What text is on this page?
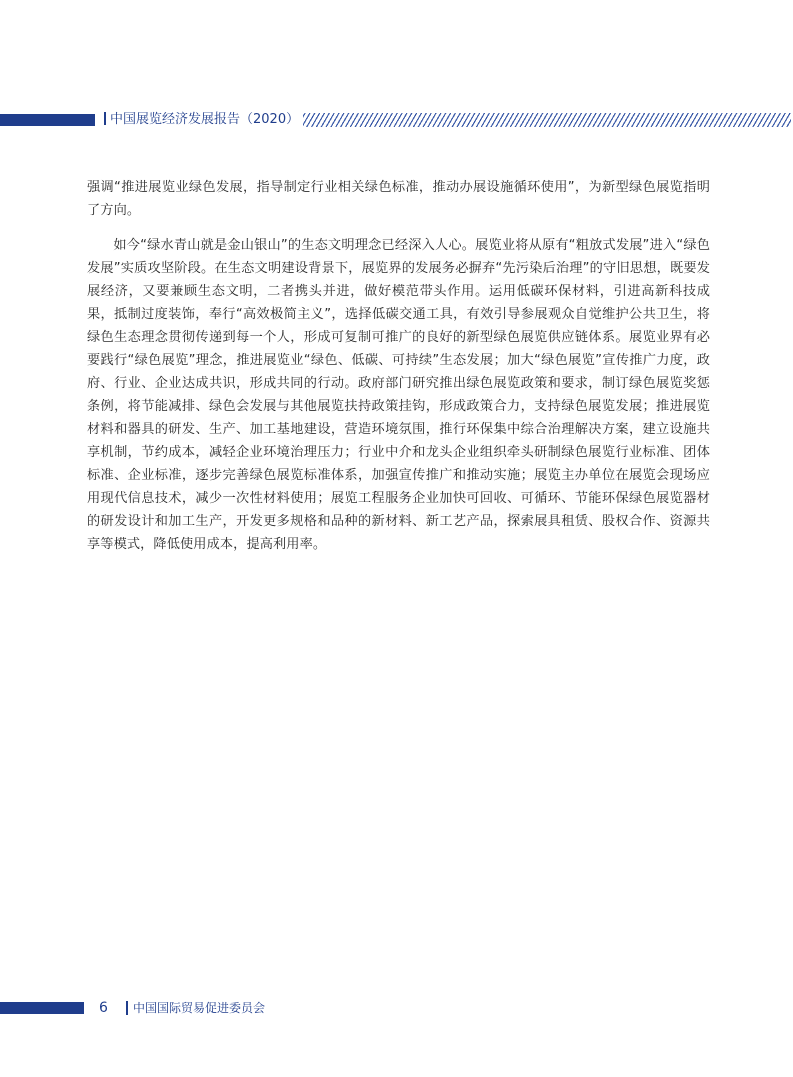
中国展览经济发展报告（2020）

强调“推进展览业绿色发展，指导制定行业相关绿色标准，推动办展设施循环使用”，为新型绿色展览指明了方向。

如今“绿水青山就是金山银山”的生态文明理念已经深入人心。展览业将从原有“粗放式发展”进入“绿色发展”实质攻坚阶段。在生态文明建设背景下，展览界的发展务必摒弃“先污染后治理”的守旧思想，既要发展经济，又要兼顾生态文明，二者携头并进，做好模范带头作用。运用低碳环保材料，引进高新科技成果，抵制过度装饰，奉行“高效极简主义”，选择低碳交通工具，有效引导参展观众自觉维护公共卫生，将绿色生态理念贯彻传递到每一个人，形成可复制可推广的良好的新型绿色展览供应链体系。展览业界有必要践行“绿色展览”理念，推进展览业“绿色、低碳、可持续”生态发展；加大“绿色展览”宣传推广力度，政府、行业、企业达成共识，形成共同的行动。政府部门研究推出绿色展览政策和要求，制订绿色展览奖惩条例，将节能减排、绿色会发展与其他展览扶持政策挂钩，形成政策合力，支持绿色展览发展；推进展览材料和器具的研发、生产、加工基地建设，营造环境氛围，推行环保集中综合治理解决方案，建立设施共享机制，节约成本，减轻企业环境治理压力；行业中介和龙头企业组织牵头研制绿色展览行业标准、团体标准、企业标准，逐步完善绿色展览标准体系，加强宣传推广和推动实施；展览主办单位在展览会现场应用现代信息技术，减少一次性材料使用；展览工程服务企业加快可回收、可循环、节能环保绿色展览器材的研发设计和加工生产，开发更多规格和品种的新材料、新工艺产品，探索展具租赁、股权合作、资源共享等模式，降低使用成本，提高利用率。

6 中国国际贸易促进委员会
